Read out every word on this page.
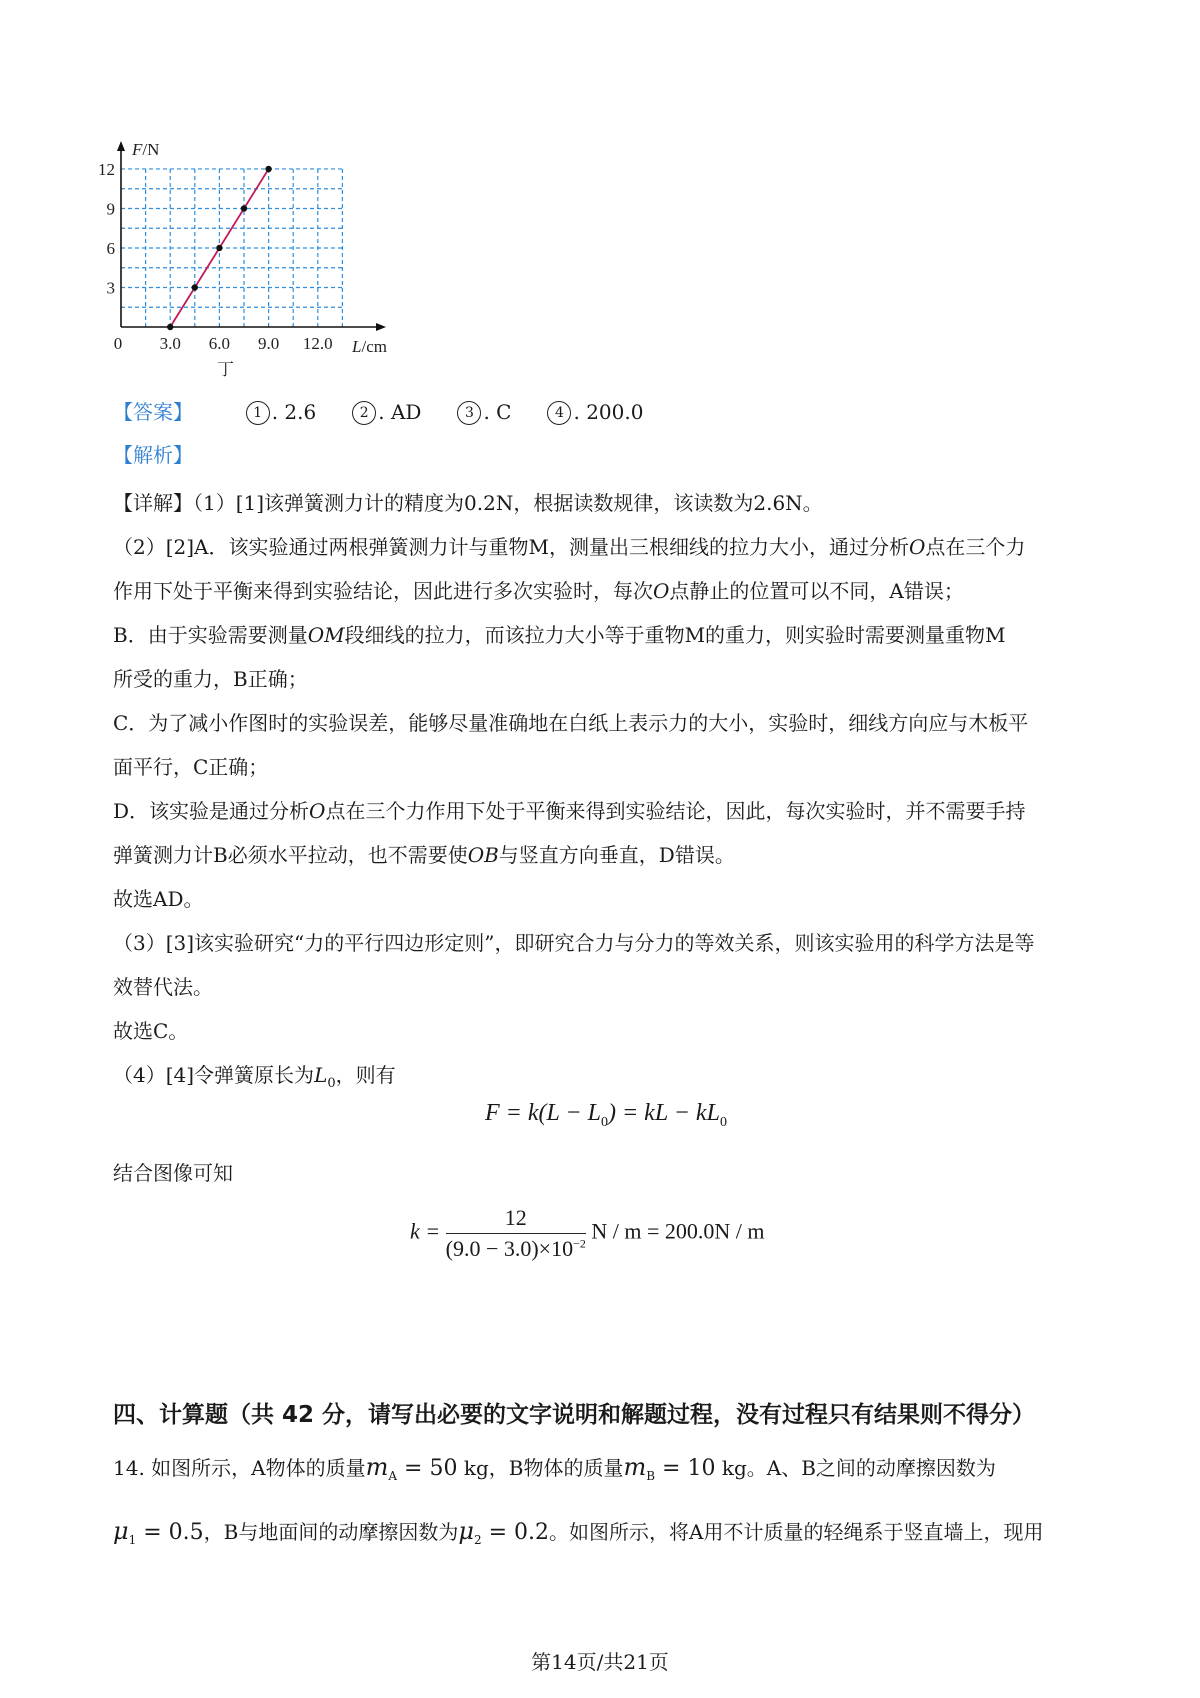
0 3.0 6.0 9.0 12.0
3
6
9
12
F/N
L/cm
丁
【答案】	1 . 2.6	2 . AD	3 . C	4 . 200.0
【解析】
【详解】（1）[1]该弹簧测力计的精度为0.2N，根据读数规律，该读数为2.6N。
（2）[2]A．该实验通过两根弹簧测力计与重物M，测量出三根细线的拉力大小，通过分析O点在三个力
作用下处于平衡来得到实验结论，因此进行多次实验时，每次O点静止的位置可以不同，A错误；
B．由于实验需要测量OM段细线的拉力，而该拉力大小等于重物M的重力，则实验时需要测量重物M
所受的重力，B正确；
C．为了减小作图时的实验误差，能够尽量准确地在白纸上表示力的大小，实验时，细线方向应与木板平
面平行，C正确；
D．该实验是通过分析O点在三个力作用下处于平衡来得到实验结论，因此，每次实验时，并不需要手持
弹簧测力计B必须水平拉动，也不需要使OB与竖直方向垂直，D错误。
故选AD。
（3）[3]该实验研究“力的平行四边形定则”，即研究合力与分力的等效关系，则该实验用的科学方法是等
效替代法。
故选C。
（4）[4]令弹簧原长为$L_0$，则有
$F = k(L - L_0)$ = kL − $kL_0$
结合图像可知
$k = \frac{12}{(9.0 - 3.0)\times 10^{-2}}$ N / m = 200.0N / m
四、计算题（共 42 分，请写出必要的文字说明和解题过程，没有过程只有结果则不得分）
14. 如图所示，A物体的质量$m_A = 50$ kg，B物体的质量$m_B = 10$ kg。A、B之间的动摩擦因数为
$\mu_1 = 0.5$，B与地面间的动摩擦因数为$\mu_2 = 0.2$。如图所示，将A用不计质量的轻绳系于竖直墙上，现用
第14页/共21页
